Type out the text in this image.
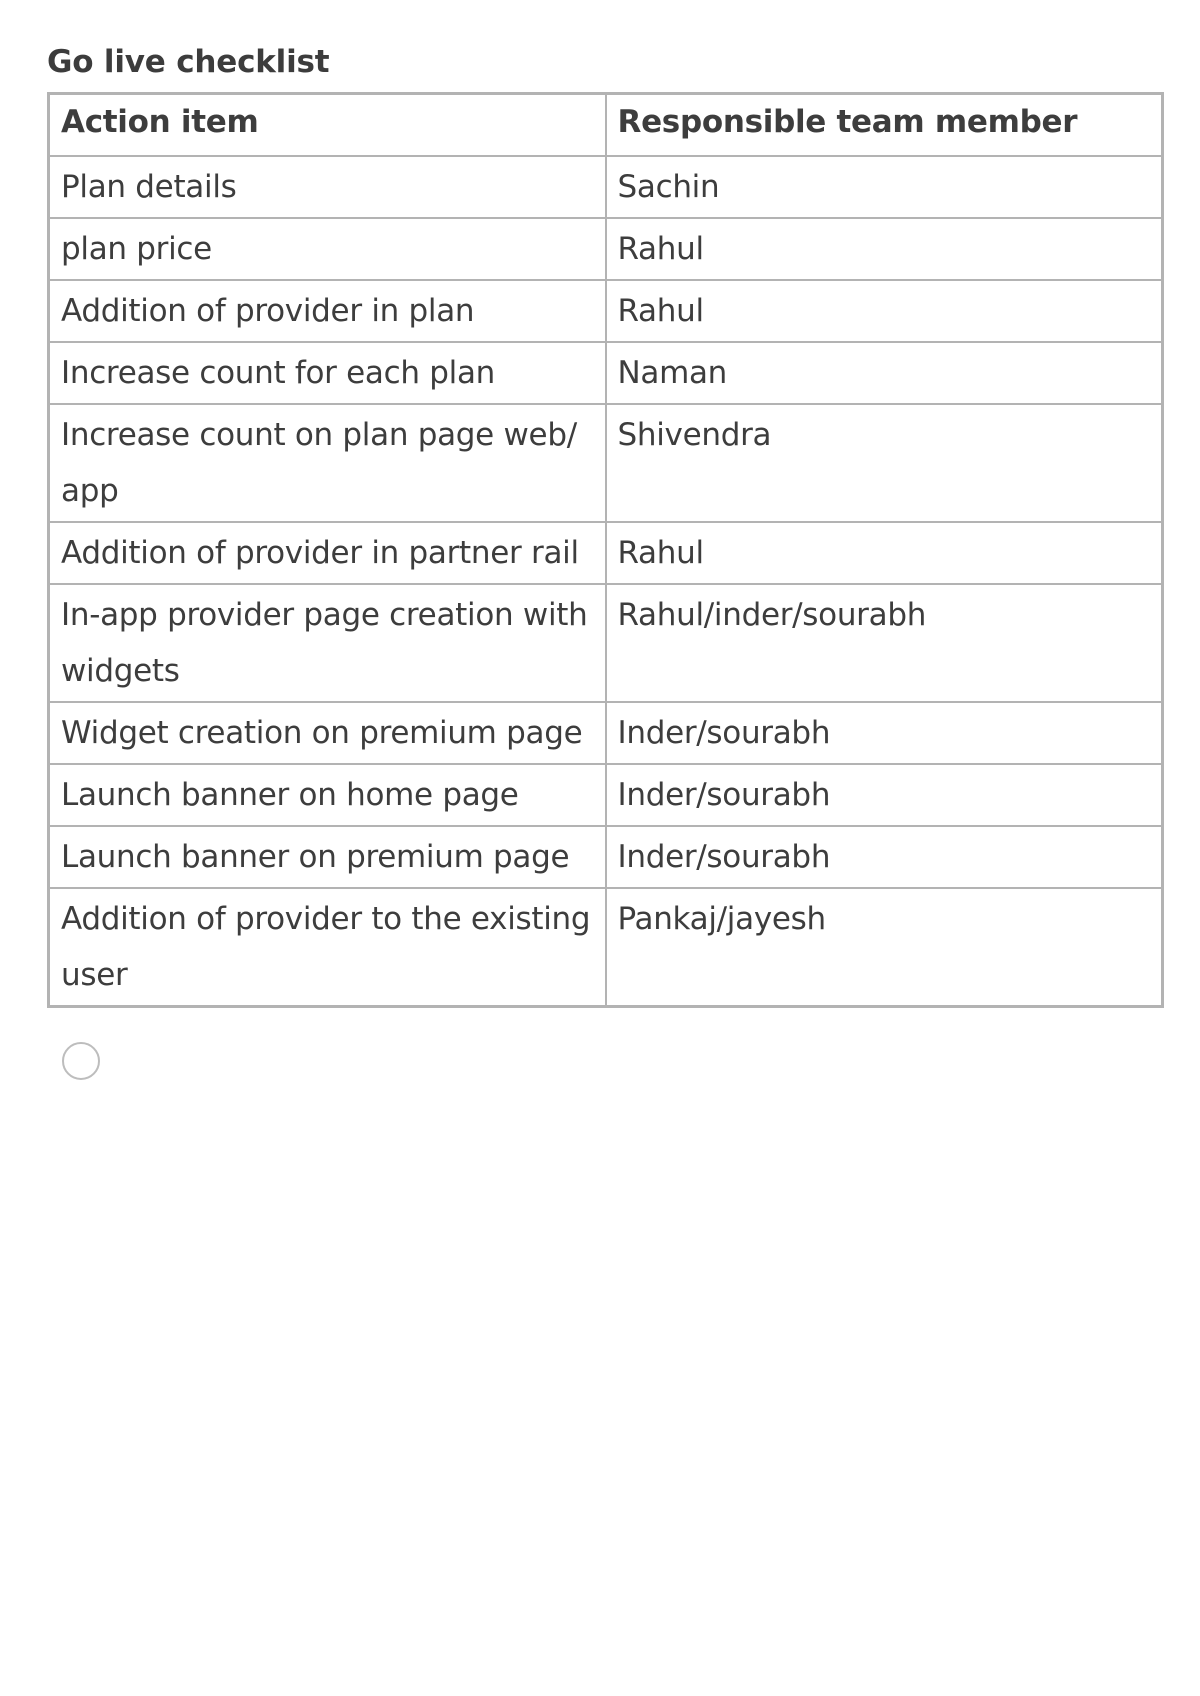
Go live checklist
Action item	Responsible team member
Plan details	Sachin
plan price	Rahul
Addition of provider in plan	Rahul
Increase count for each plan	Naman
Increase count on plan page web/ app	Shivendra
Addition of provider in partner rail	Rahul
In-app provider page creation with widgets	Rahul/inder/sourabh
Widget creation on premium page	Inder/sourabh
Launch banner on home page	Inder/sourabh
Launch banner on premium page	Inder/sourabh
Addition of provider to the existing user	Pankaj/jayesh
